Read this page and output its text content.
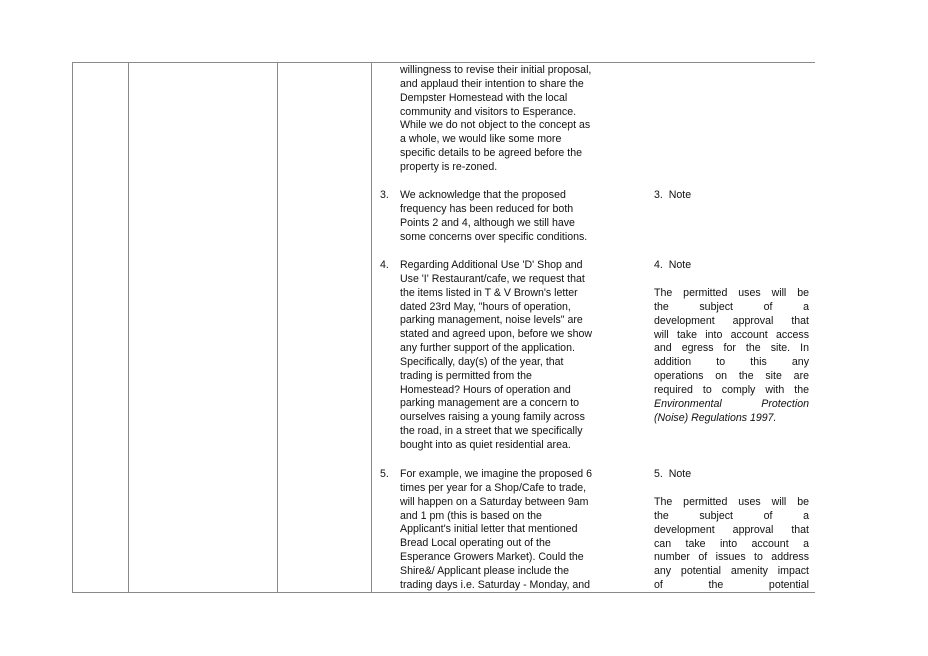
willingness to revise their initial proposal,
and applaud their intention to share the
Dempster Homestead with the local
community and visitors to Esperance.
While we do not object to the concept as
a whole, we would like some more
specific details to be agreed before the
property is re-zoned.
3. We acknowledge that the proposed
frequency has been reduced for both
Points 2 and 4, although we still have
some concerns over specific conditions.
4. Regarding Additional Use 'D' Shop and
Use 'I' Restaurant/cafe, we request that
the items listed in T & V Brown's letter
dated 23rd May, "hours of operation,
parking management, noise levels" are
stated and agreed upon, before we show
any further support of the application.
Specifically, day(s) of the year, that
trading is permitted from the
Homestead? Hours of operation and
parking management are a concern to
ourselves raising a young family across
the road, in a street that we specifically
bought into as quiet residential area.
5. For example, we imagine the proposed 6
times per year for a Shop/Cafe to trade,
will happen on a Saturday between 9am
and 1 pm (this is based on the
Applicant's initial letter that mentioned
Bread Local operating out of the
Esperance Growers Market). Could the
Shire&/ Applicant please include the
trading days i.e. Saturday - Monday, and
3. Note
4. Note
The permitted uses will be
the subject of a
development approval that
will take into account access
and egress for the site. In
addition to this any
operations on the site are
required to comply with the
Environmental Protection
(Noise) Regulations 1997.
5. Note
The permitted uses will be
the subject of a
development approval that
can take into account a
number of issues to address
any potential amenity impact
of the potential
